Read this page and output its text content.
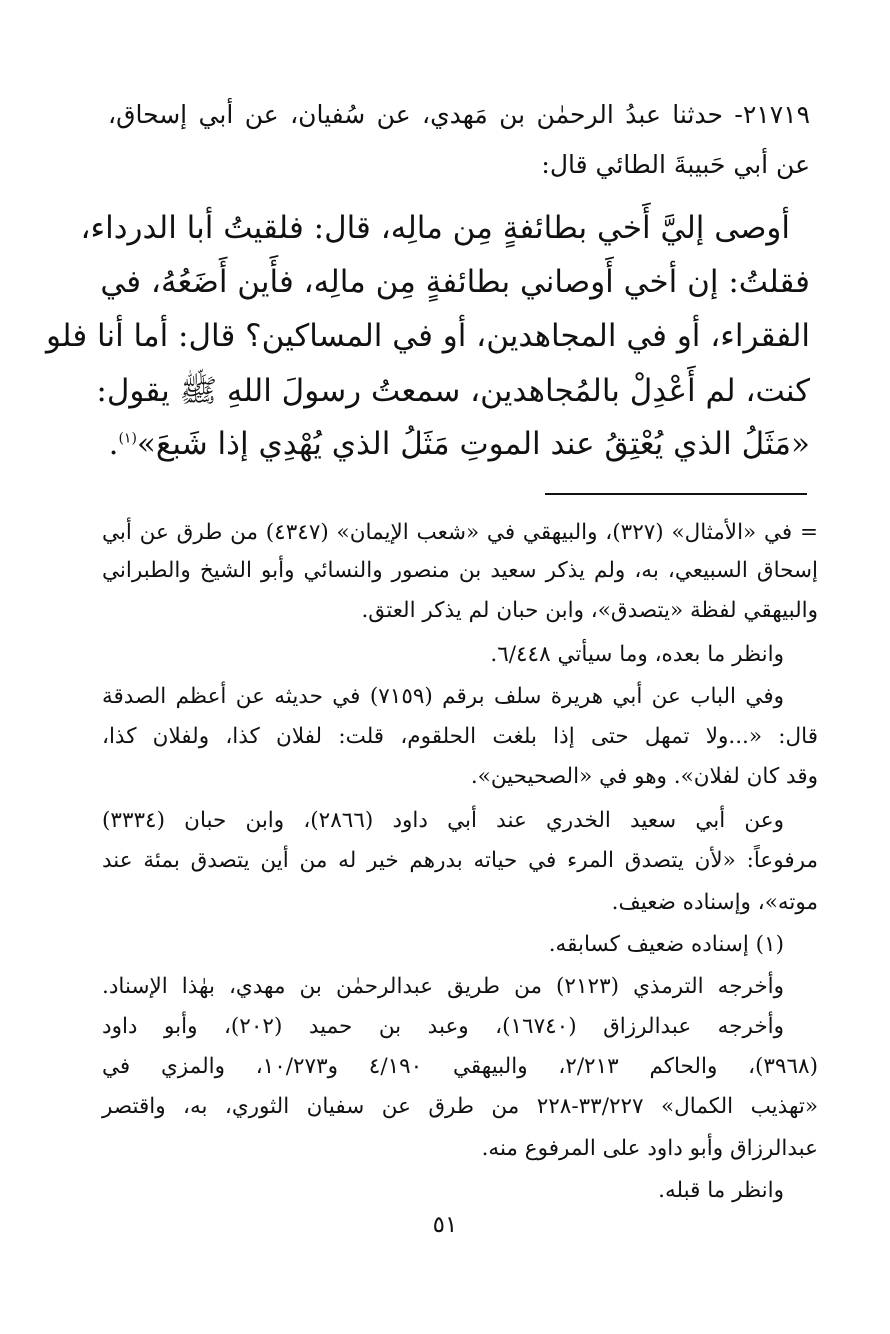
٢١٧١٩- حدثنا عبدُ الرحمٰن بن مَهدي، عن سُفيان، عن أبي إسحاق،
عن أبي حَبيبةَ الطائي قال:
أوصى إليَّ أَخي بطائفةٍ مِن مالِه، قال: فلقيتُ أبا الدرداء،
فقلتُ: إن أخي أَوصاني بطائفةٍ مِن مالِه، فأَين أَضَعُهُ، في
الفقراء، أو في المجاهدين، أو في المساكين؟ قال: أما أنا فلو
كنت، لم أَعْدِلْ بالمُجاهدين، سمعتُ رسولَ اللهِ ﷺ يقول:
«مَثَلُ الذي يُعْتِقُ عند الموتِ مَثَلُ الذي يُهْدِي إذا شَبعَ»$^{(١)}$.
= في «الأمثال» (٣٢٧)، والبيهقي في «شعب الإيمان» (٤٣٤٧) من طرق عن أبي
إسحاق السبيعي، به، ولم يذكر سعيد بن منصور والنسائي وأبو الشيخ والطبراني
والبيهقي لفظة «يتصدق»، وابن حبان لم يذكر العتق.
وانظر ما بعده، وما سيأتي ٦/٤٤٨.
وفي الباب عن أبي هريرة سلف برقم (٧١٥٩) في حديثه عن أعظم الصدقة
قال: «...ولا تمهل حتى إذا بلغت الحلقوم، قلت: لفلان كذا، ولفلان كذا،
وقد كان لفلان». وهو في «الصحيحين».
وعن أبي سعيد الخدري عند أبي داود (٢٨٦٦)، وابن حبان (٣٣٣٤)
مرفوعاً: «لأن يتصدق المرء في حياته بدرهم خير له من أين يتصدق بمئة عند
موته»، وإسناده ضعيف.
(١) إسناده ضعيف كسابقه.
وأخرجه الترمذي (٢١٢٣) من طريق عبدالرحمٰن بن مهدي، بهٰذا الإسناد.
وأخرجه عبدالرزاق (١٦٧٤٠)، وعبد بن حميد (٢٠٢)، وأبو داود
(٣٩٦٨)، والحاكم ٢/٢١٣، والبيهقي ٤/١٩٠ و١٠/٢٧٣، والمزي في
«تهذيب الكمال» ٣٣/٢٢٧-٢٢٨ من طرق عن سفيان الثوري، به، واقتصر
عبدالرزاق وأبو داود على المرفوع منه.
وانظر ما قبله.
٥١
